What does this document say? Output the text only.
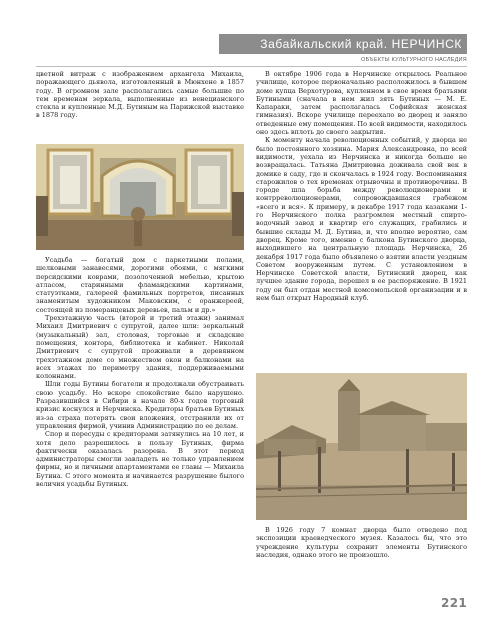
Забайкальский край. НЕРЧИНСК
ОБЪЕКТЫ КУЛЬТУРНОГО НАСЛЕДИЯ

цветной витраж с изображением архангела Михаила, поражающего дьявола, изготовленный в Мюнхене в 1857 году. В огромном зале располагались самые большие по тем временам зеркала, выполненные из венецианского стекла и купленные М.Д. Бутиным на Парижской выставке в 1878 году.

Усадьба — богатый дом с паркетными полами, шелковыми занавесями, дорогими обоями, с мягкими персидскими коврами, позолоченной мебелью, крытою атласом, старинными фламандскими картинами, статуэтками, галереей фамильных портретов, писанных знаменитым художником Маковским, с оранжереей, состоящей из померанцевых деревьев, пальм и др.»

Трехэтажную часть (второй и третий этажи) занимал Михаил Дмитриевич с супругой, далее шли: зеркальный (музыкальный) зал, столовая, торговые и складские помещения, контора, библиотека и кабинет. Николай Дмитриевич с супругой проживали в деревянном трехэтажном доме со множеством окон и балконами на всех этажах по периметру здания, поддерживаемыми колоннами.

Шли годы Бутины богатели и продолжали обустраивать свою усадьбу. Но вскоре спокойствие было нарушено. Разразившийся в Сибири в начале 80-х годов торговый кризис коснулся и Нерчинска. Кредиторы братьев Бутиных из-за страха потерять свои вложения, отстранили их от управления фирмой, учинив Администрацию по ее делам.

Спор и пересуды с кредиторами затянулись на 10 лет, и хотя дело разрешилось в пользу Бутиных, фирма фактически оказалась разорена. В этот период администраторы смогли завладеть не только управлением фирмы, но и личными апартаментами ее главы — Михаила Бутина. С этого момента и начинается разрушение былого величия усадьбы Бутиных.

В октябре 1906 года в Нерчинске открылось Реальное училище, которое первоначально расположилось в бывшем доме купца Верхотурова, купленном в свое время братьями Бутиными (сначала в нем жил зять Бутиных — М. Е. Капараки, затем располагалась Софийская женская гимназия). Вскоре училище переехало во дворец и заняло отведенные ему помещения. По всей видимости, находилось оно здесь вплоть до своего закрытия.

К моменту начала революционных событий, у дворца не было постоянного хозяина. Мария Александровна, по всей видимости, уехала из Нерчинска и никогда больше не возвращалась. Татьяна Дмитриевна доживала свой век в домике в саду, где и скончалась в 1924 году. Воспоминания старожилов о тех временах отрывочны и противоречивы. В городе шла борьба между революционерами и контрреволюционерами, сопровождавшаяся грабежом «всего и вся». К примеру, в декабре 1917 года казаками 1-го Нерчинского полка разгромлен местный спирто-водочный завод и квартир его служащих, грабились и бывшие склады М. Д. Бутина, и, что вполне вероятно, сам дворец. Кроме того, именно с балкона Бутинского дворца, выходившего на центральную площадь Нерчинска, 26 декабря 1917 года было объявлено о взятии власти уездным Советом вооруженным путем. С установлением в Нерчинске Советской власти, Бутинский дворец, как лучшее здание города, перешел в ее распоряжение. В 1921 году он был отдан местной комсомольской организации и в нем был открыт Народный клуб.

В 1926 году 7 комнат дворца было отведено под экспозиции краеведческого музея. Казалось бы, что это учреждение культуры сохранит элементы Бутинского наследия, однако этого не произошло.

221
